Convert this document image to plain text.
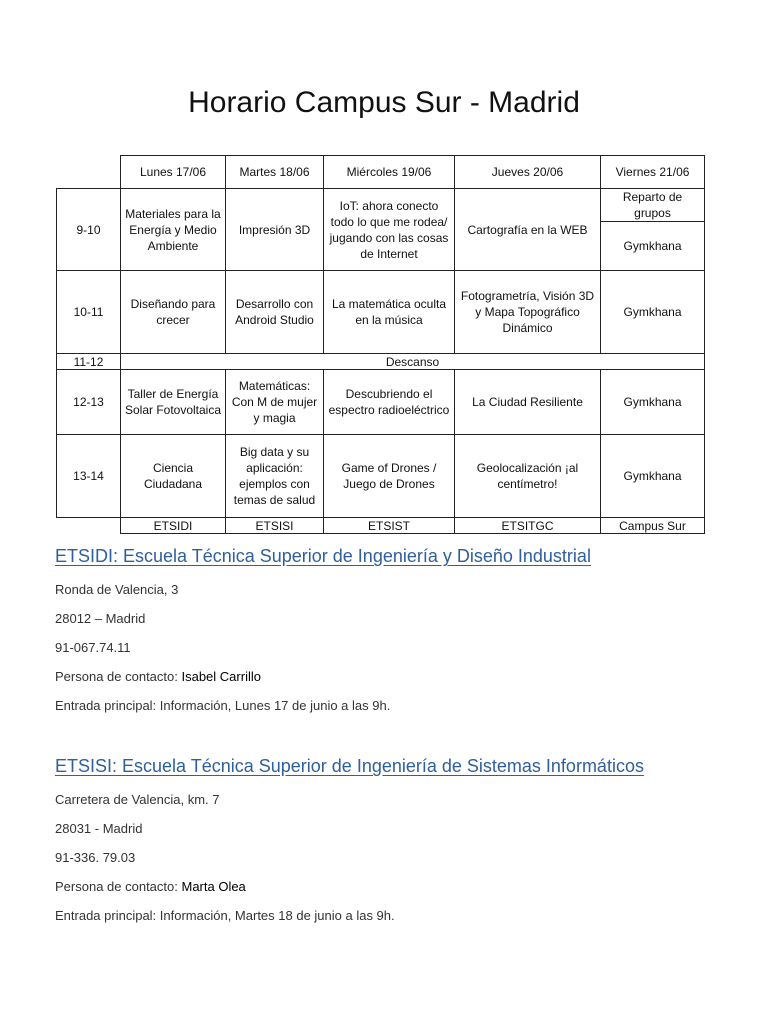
Horario Campus Sur - Madrid
	Lunes 17/06	Martes 18/06	Miércoles 19/06	Jueves 20/06	Viernes 21/06
9-10	Materiales para la Energía y Medio Ambiente	Impresión 3D	IoT: ahora conecto todo lo que me rodea/ jugando con las cosas de Internet	Cartografía en la WEB	Reparto de grupos
					Gymkhana
10-11	Diseñando para crecer	Desarrollo con Android Studio	La matemática oculta en la música	Fotogrametría, Visión 3D y Mapa Topográfico Dinámico	Gymkhana
11-12	Descanso				
12-13	Taller de Energía Solar Fotovoltaica	Matemáticas: Con M de mujer y magia	Descubriendo el espectro radioeléctrico	La Ciudad Resiliente	Gymkhana
13-14	Ciencia Ciudadana	Big data y su aplicación: ejemplos con temas de salud	Game of Drones / Juego de Drones	Geolocalización ¡al centímetro!	Gymkhana
	ETSIDI	ETSISI	ETSIST	ETSITGC	Campus Sur
ETSIDI: Escuela Técnica Superior de Ingeniería y Diseño Industrial
Ronda de Valencia, 3
28012 – Madrid
91-067.74.11
Persona de contacto: Isabel Carrillo
Entrada principal: Información, Lunes 17 de junio a las 9h.
ETSISI: Escuela Técnica Superior de Ingeniería de Sistemas Informáticos
Carretera de Valencia, km. 7
28031 - Madrid
91-336. 79.03
Persona de contacto: Marta Olea
Entrada principal: Información, Martes 18 de junio a las 9h.
